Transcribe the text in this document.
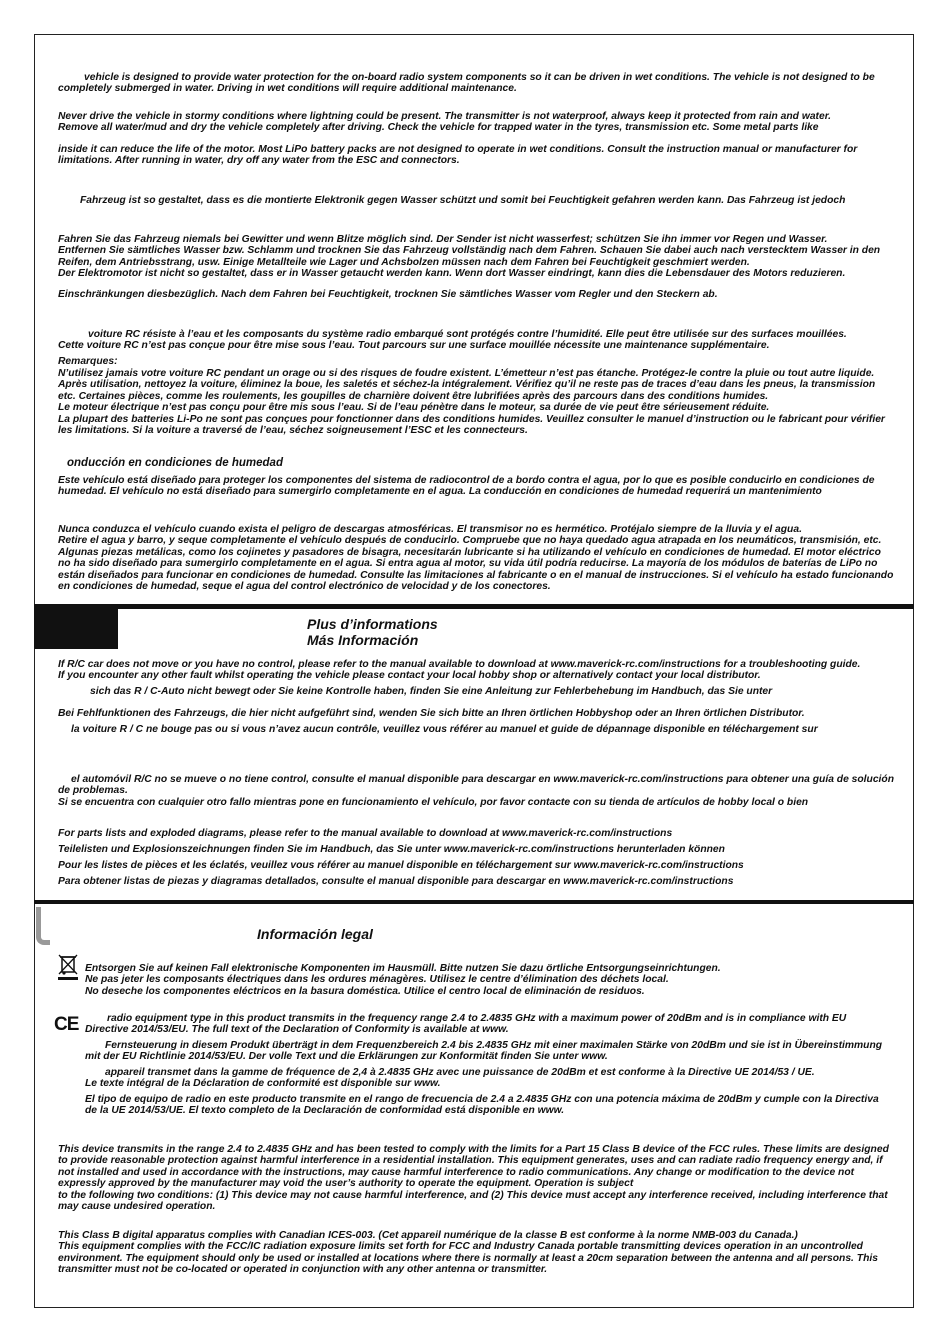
vehicle is designed to provide water protection for the on-board radio system components so it can be driven in wet conditions. The vehicle is not designed to be completely submerged in water. Driving in wet conditions will require additional maintenance.

Never drive the vehicle in stormy conditions where lightning could be present. The transmitter is not waterproof, always keep it protected from rain and water.
Remove all water/mud and dry the vehicle completely after driving. Check the vehicle for trapped water in the tyres, transmission etc. Some metal parts like

inside it can reduce the life of the motor. Most LiPo battery packs are not designed to operate in wet conditions. Consult the instruction manual or manufacturer for limitations. After running in water, dry off any water from the ESC and connectors.

Fahrzeug ist so gestaltet, dass es die montierte Elektronik gegen Wasser schützt und somit bei Feuchtigkeit gefahren werden kann. Das Fahrzeug ist jedoch

Fahren Sie das Fahrzeug niemals bei Gewitter und wenn Blitze möglich sind. Der Sender ist nicht wasserfest; schützen Sie ihn immer vor Regen und Wasser.
Entfernen Sie sämtliches Wasser bzw. Schlamm und trocknen Sie das Fahrzeug vollständig nach dem Fahren. Schauen Sie dabei auch nach verstecktem Wasser in den Reifen, dem Antriebsstrang, usw. Einige Metallteile wie Lager und Achsbolzen müssen nach dem Fahren bei Feuchtigkeit geschmiert werden.
Der Elektromotor ist nicht so gestaltet, dass er in Wasser getaucht werden kann. Wenn dort Wasser eindringt, kann dies die Lebensdauer des Motors reduzieren.

Einschränkungen diesbezüglich. Nach dem Fahren bei Feuchtigkeit, trocknen Sie sämtliches Wasser vom Regler und den Steckern ab.

voiture RC résiste à l’eau et les composants du système radio embarqué sont protégés contre l’humidité. Elle peut être utilisée sur des surfaces mouillées.
Cette voiture RC n’est pas conçue pour être mise sous l’eau. Tout parcours sur une surface mouillée nécessite une maintenance supplémentaire.

Remarques:

N’utilisez jamais votre voiture RC pendant un orage ou si des risques de foudre existent. L’émetteur n’est pas étanche. Protégez-le contre la pluie ou tout autre liquide.
Après utilisation, nettoyez la voiture, éliminez la boue, les saletés et séchez-la intégralement. Vérifiez qu’il ne reste pas de traces d’eau dans les pneus, la transmission etc. Certaines pièces, comme les roulements, les goupilles de charnière doivent être lubrifiées après des parcours dans des conditions humides.
Le moteur électrique n’est pas conçu pour être mis sous l’eau. Si de l’eau pénètre dans le moteur, sa durée de vie peut être sérieusement réduite.
La plupart des batteries Li-Po ne sont pas conçues pour fonctionner dans des conditions humides. Veuillez consulter le manuel d’instruction ou le fabricant pour vérifier les limitations. Si la voiture a traversé de l’eau, séchez soigneusement l’ESC et les connecteurs.

onducción en condiciones de humedad

Este vehículo está diseñado para proteger los componentes del sistema de radiocontrol de a bordo contra el agua, por lo que es posible conducirlo en condiciones de humedad. El vehículo no está diseñado para sumergirlo completamente en el agua. La conducción en condiciones de humedad requerirá un mantenimiento

Nunca conduzca el vehículo cuando exista el peligro de descargas atmosféricas. El transmisor no es hermético. Protéjalo siempre de la lluvia y el agua.
Retire el agua y barro, y seque completamente el vehículo después de conducirlo. Compruebe que no haya quedado agua atrapada en los neumáticos, transmisión, etc. Algunas piezas metálicas, como los cojinetes y pasadores de bisagra, necesitarán lubricante si ha utilizando el vehículo en condiciones de humedad. El motor eléctrico no ha sido diseñado para sumergirlo completamente en el agua. Si entra agua al motor, su vida útil podría reducirse. La mayoría de los módulos de baterías de LiPo no están diseñados para funcionar en condiciones de humedad. Consulte las limitaciones al fabricante o en el manual de instrucciones. Si el vehículo ha estado funcionando en condiciones de humedad, seque el agua del control electrónico de velocidad y de los conectores.

Plus d’informations

Más Información

If R/C car does not move or you have no control, please refer to the manual available to download at www.maverick-rc.com/instructions for a troubleshooting guide.
If you encounter any other fault whilst operating the vehicle please contact your local hobby shop or alternatively contact your local distributor.

sich das R / C-Auto nicht bewegt oder Sie keine Kontrolle haben, finden Sie eine Anleitung zur Fehlerbehebung im Handbuch, das Sie unter

Bei Fehlfunktionen des Fahrzeugs, die hier nicht aufgeführt sind, wenden Sie sich bitte an Ihren örtlichen Hobbyshop oder an Ihren örtlichen Distributor.

la voiture R / C ne bouge pas ou si vous n’avez aucun contrôle, veuillez vous référer au manuel et guide de dépannage disponible en téléchargement sur

el automóvil R/C no se mueve o no tiene control, consulte el manual disponible para descargar en www.maverick-rc.com/instructions para obtener una guía de solución de problemas.
Si se encuentra con cualquier otro fallo mientras pone en funcionamiento el vehículo, por favor contacte con su tienda de artículos de hobby local o bien

For parts lists and exploded diagrams, please refer to the manual available to download at www.maverick-rc.com/instructions

Teilelisten und Explosionszeichnungen finden Sie im Handbuch, das Sie unter www.maverick-rc.com/instructions herunterladen können

Pour les listes de pièces et les éclatés, veuillez vous référer au manuel disponible en téléchargement sur www.maverick-rc.com/instructions

Para obtener listas de piezas y diagramas detallados, consulte el manual disponible para descargar en www.maverick-rc.com/instructions

Información legal

Entsorgen Sie auf keinen Fall elektronische Komponenten im Hausmüll. Bitte nutzen Sie dazu örtliche Entsorgungseinrichtungen.
Ne pas jeter les composants électriques dans les ordures ménagères. Utilisez le centre d’élimination des déchets local.
No deseche los componentes eléctricos en la basura doméstica. Utilice el centro local de eliminación de residuos.

CE	radio equipment type in this product transmits in the frequency range 2.4 to 2.4835 GHz with a maximum power of 20dBm and is in compliance with EU Directive 2014/53/EU. The full text of the Declaration of Conformity is available at www.

Fernsteuerung in diesem Produkt überträgt in dem Frequenzbereich 2.4 bis 2.4835 GHz mit einer maximalen Stärke von 20dBm und sie ist in Übereinstimmung mit der EU Richtlinie 2014/53/EU. Der volle Text und die Erklärungen zur Konformität finden Sie unter www.

appareil transmet dans la gamme de fréquence de 2,4 à 2.4835 GHz avec une puissance de 20dBm et est conforme à la Directive UE 2014/53 / UE.
Le texte intégral de la Déclaration de conformité est disponible sur www.

El tipo de equipo de radio en este producto transmite en el rango de frecuencia de 2.4 a 2.4835 GHz con una potencia máxima de 20dBm y cumple con la Directiva de la UE 2014/53/UE. El texto completo de la Declaración de conformidad está disponible en www.

This device transmits in the range 2.4 to 2.4835 GHz and has been tested to comply with the limits for a Part 15 Class B device of the FCC rules. These limits are designed to provide reasonable protection against harmful interference in a residential installation. This equipment generates, uses and can radiate radio frequency energy and, if not installed and used in accordance with the instructions, may cause harmful interference to radio communications. Any change or modification to the device not expressly approved by the manufacturer may void the user’s authority to operate the equipment. Operation is subject
to the following two conditions: (1) This device may not cause harmful interference, and (2) This device must accept any interference received, including interference that may cause undesired operation.

This Class B digital apparatus complies with Canadian ICES-003. (Cet appareil numérique de la classe B est conforme à la norme NMB-003 du Canada.)
This equipment complies with the FCC/IC radiation exposure limits set forth for FCC and Industry Canada portable transmitting devices operation in an uncontrolled environment. The equipment should only be used or installed at locations where there is normally at least a 20cm separation between the antenna and all persons. This transmitter must not be co-located or operated in conjunction with any other antenna or transmitter.
